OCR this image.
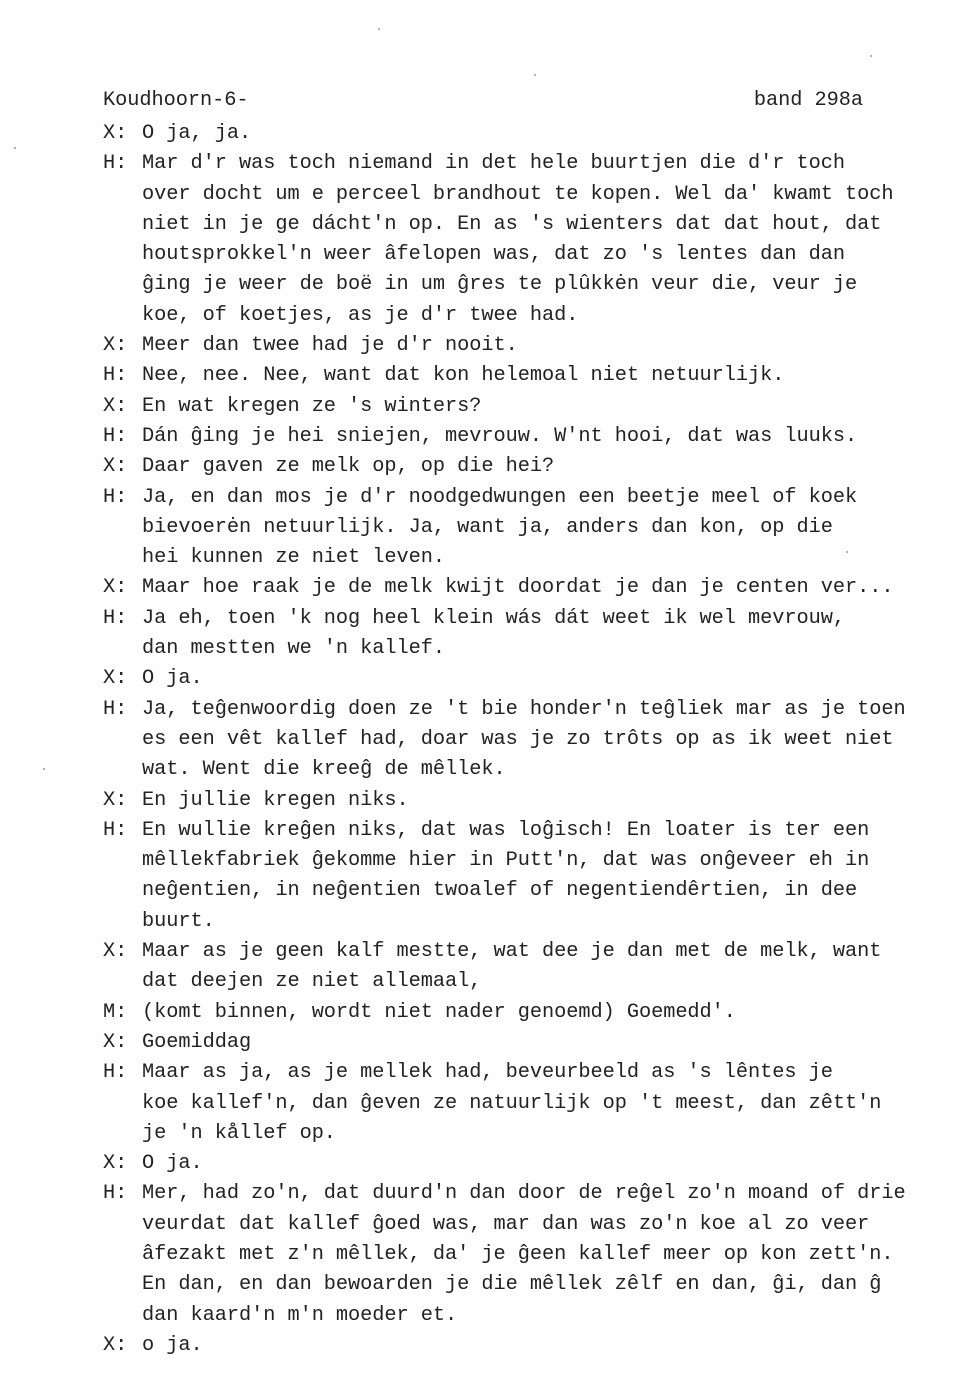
Koudhoorn-6-	band 298a
X: O ja, ja.
H: Mar d'r was toch niemand in det hele buurtjen die d'r toch
over docht um e perceel brandhout te kopen. Wel da' kwamt toch
niet in je ge dácht'n op. En as 's wienters dat dat hout, dat
houtsprokkel'n weer âfelopen was, dat zo 's lentes dan dan
ĝing je weer de boë in um ĝres te plûkkėn veur die, veur je
koe, of koetjes, as je d'r twee had.
X: Meer dan twee had je d'r nooit.
H: Nee, nee. Nee, want dat kon helemoal niet netuurlijk.
X: En wat kregen ze 's winters?
H: Dán ĝing je hei sniejen, mevrouw. W'nt hooi, dat was luuks.
X: Daar gaven ze melk op, op die hei?
H: Ja, en dan mos je d'r noodgedwungen een beetje meel of koek
bievoerėn netuurlijk. Ja, want ja, anders dan kon, op die
hei kunnen ze niet leven.
X: Maar hoe raak je de melk kwijt doordat je dan je centen ver...
H: Ja eh, toen 'k nog heel klein wás dát weet ik wel mevrouw,
dan mestten we 'n kallef.
X: O ja.
H: Ja, teĝenwoordig doen ze 't bie honder'n teĝliek mar as je toen
es een vêt kallef had, doar was je zo trôts op as ik weet niet
wat. Went die kreeĝ de mêllek.
X: En jullie kregen niks.
H: En wullie kreĝen niks, dat was loĝisch! En loater is ter een
mêllekfabriek ĝekomme hier in Putt'n, dat was onĝeveer eh in
neĝentien, in neĝentien twoalef of negentiendêrtien, in dee
buurt.
X: Maar as je geen kalf mestte, wat dee je dan met de melk, want
dat deejen ze niet allemaal,
M: (komt binnen, wordt niet nader genoemd) Goemedd'.
X: Goemiddag
H: Maar as ja, as je mellek had, beveurbeeld as 's lêntes je
koe kallef'n, dan ĝeven ze natuurlijk op 't meest, dan zêtt'n
je 'n kållef op.
X: O ja.
H: Mer, had zo'n, dat duurd'n dan door de reĝel zo'n moand of drie
veurdat dat kallef ĝoed was, mar dan was zo'n koe al zo veer
âfezakt met z'n mêllek, da' je ĝeen kallef meer op kon zett'n.
En dan, en dan bewoarden je die mêllek zêlf en dan, ĝi, dan ĝ
dan kaard'n m'n moeder et.
X: o ja.
